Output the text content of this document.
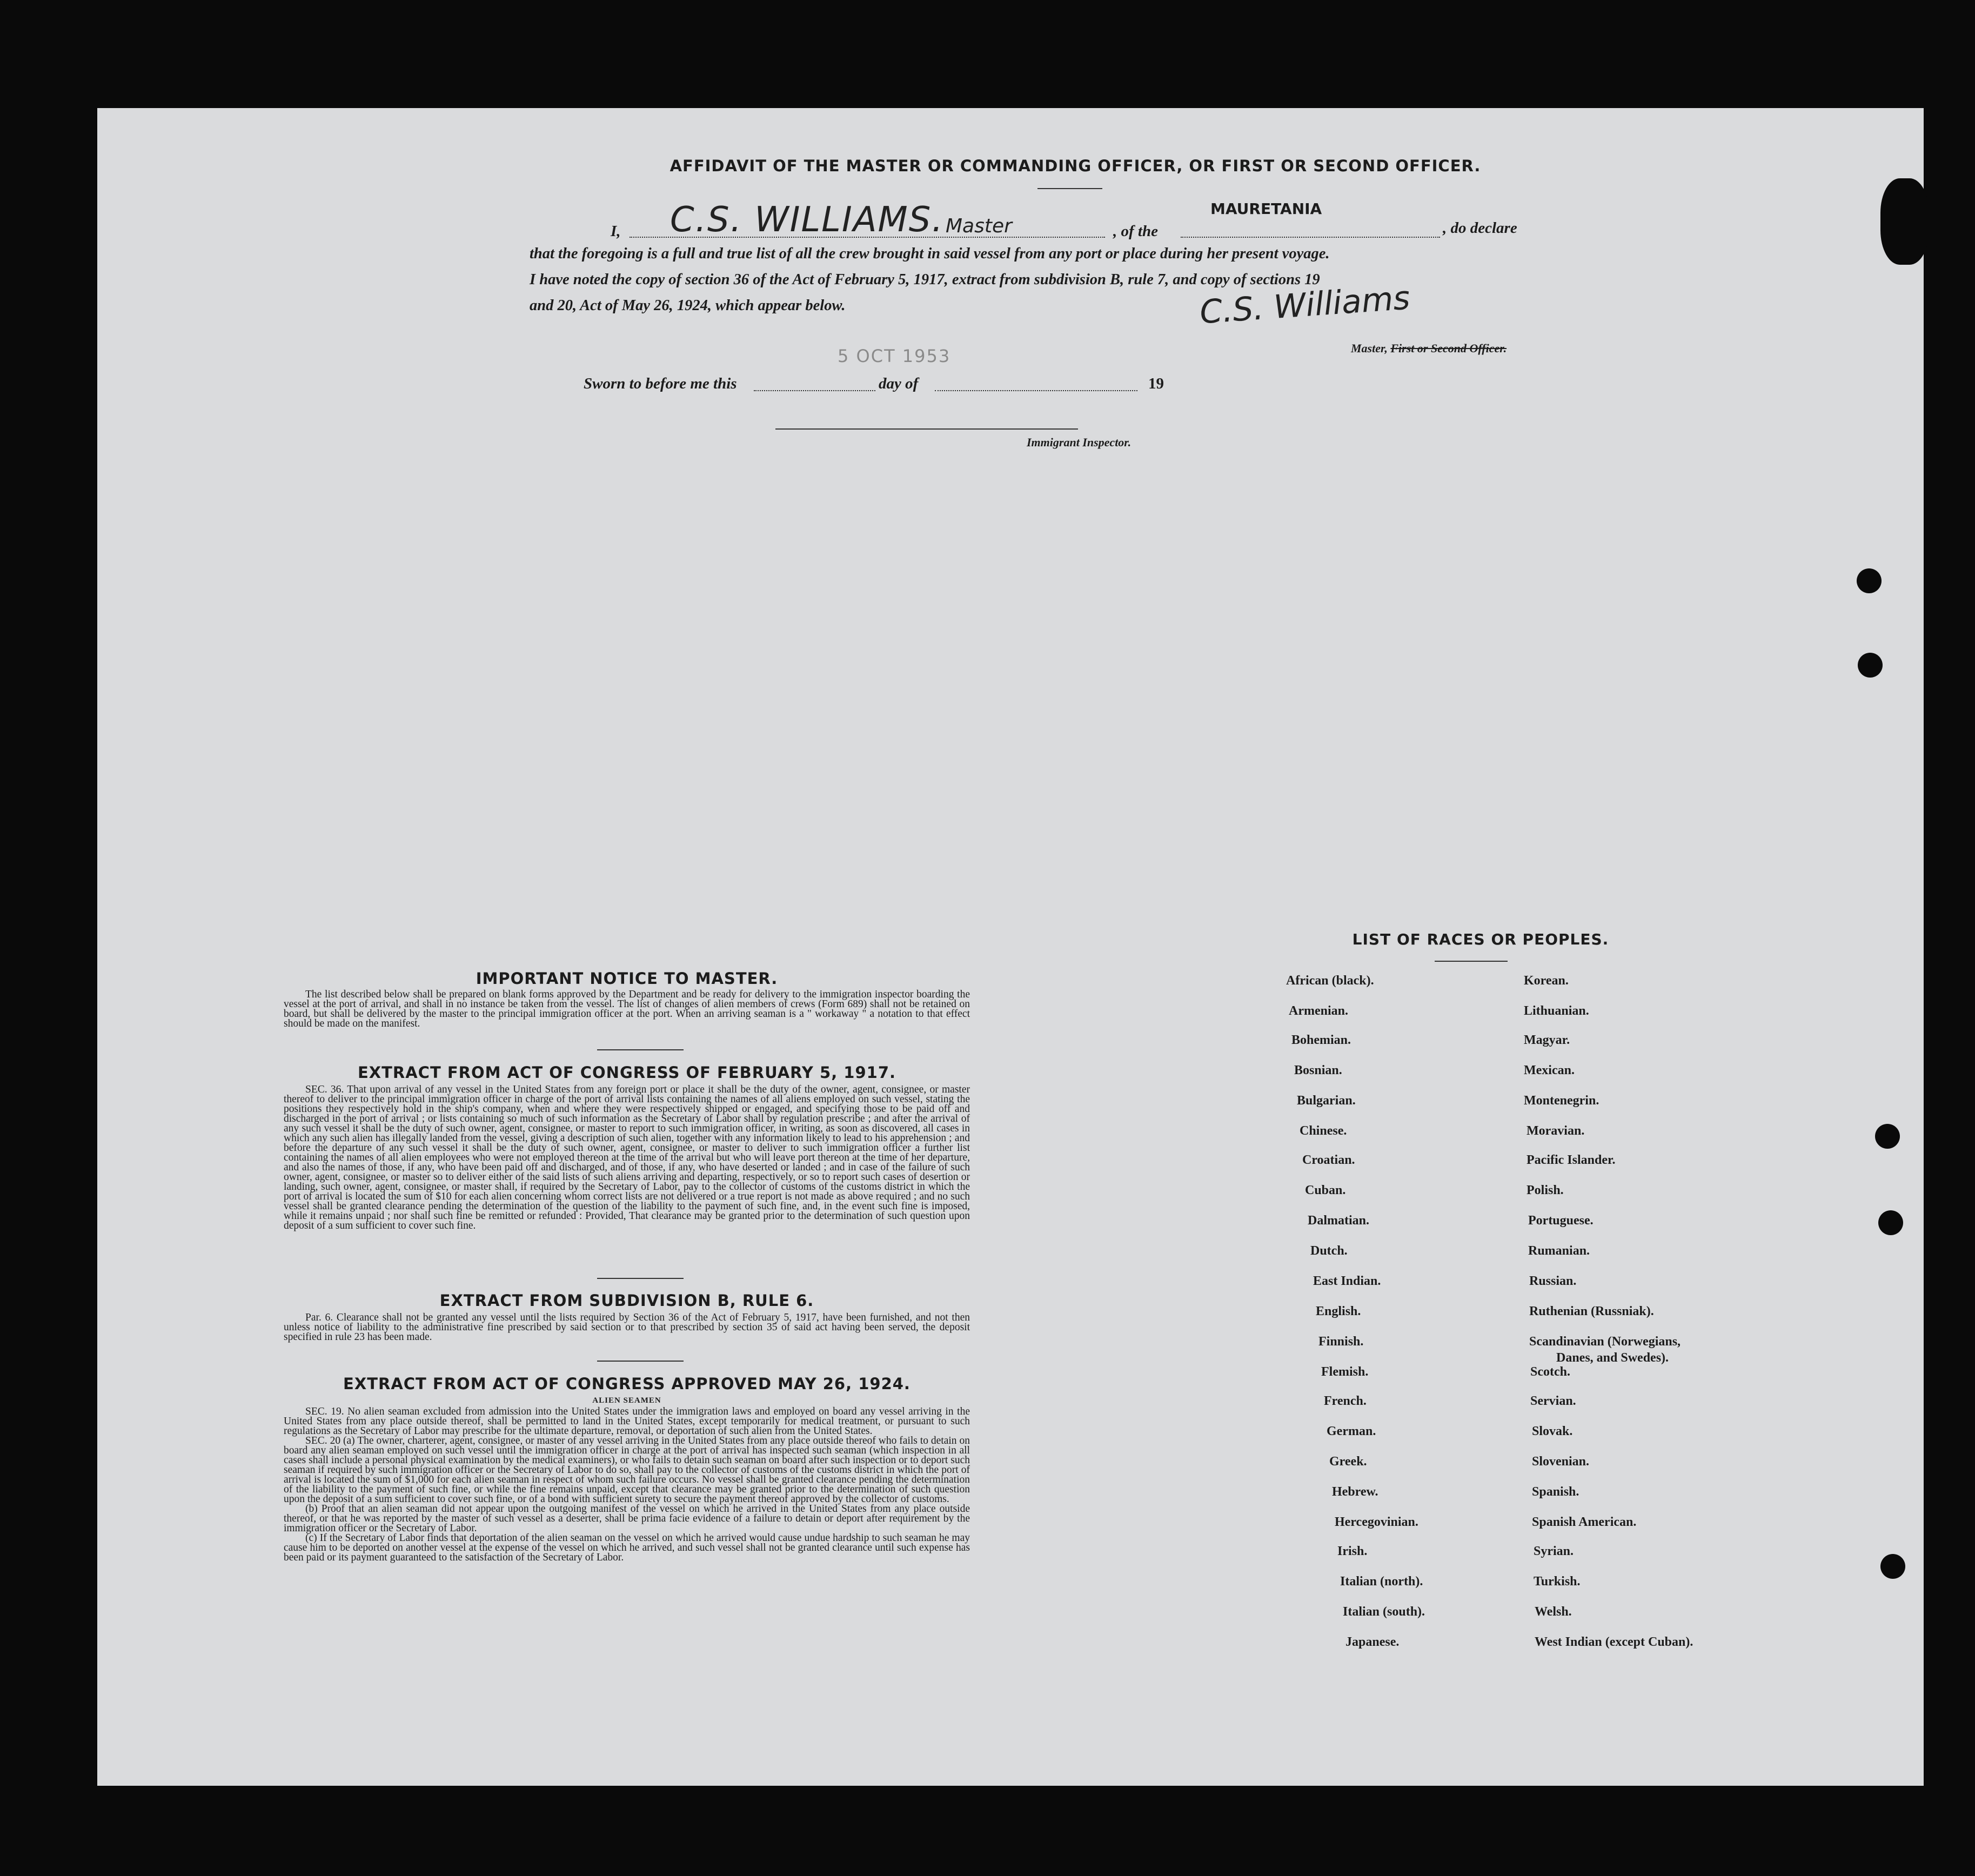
AFFIDAVIT OF THE MASTER OR COMMANDING OFFICER, OR FIRST OR SECOND OFFICER.
I, C.S. WILLIAMS. Master	, of the
MAURETANIA
, do declare
that the foregoing is a full and true list of all the crew brought in said vessel from any port or place during her present voyage.
I have noted the copy of section 36 of the Act of February 5, 1917, extract from subdivision B, rule 7, and copy of sections 19
and 20, Act of May 26, 1924, which appear below.	C.S. Williams
5 OCT 1953	Master, First or Second Officer.
Sworn to before me this	day of	19
Immigrant Inspector.
IMPORTANT NOTICE TO MASTER.
The list described below shall be prepared on blank forms approved by the Department and be ready for delivery to the immigration inspector boarding the vessel at the port of arrival, and shall in no instance be taken from the vessel. The list of changes of alien members of crews (Form 689) shall not be retained on board, but shall be delivered by the master to the principal immigration officer at the port. When an arriving seaman is a " workaway " a notation to that effect should be made on the manifest.
EXTRACT FROM ACT OF CONGRESS OF FEBRUARY 5, 1917.
SEC. 36. That upon arrival of any vessel in the United States from any foreign port or place it shall be the duty of the owner, agent, consignee, or master thereof to deliver to the principal immigration officer in charge of the port of arrival lists containing the names of all aliens employed on such vessel, stating the positions they respectively hold in the ship's company, when and where they were respectively shipped or engaged, and specifying those to be paid off and discharged in the port of arrival ; or lists containing so much of such information as the Secretary of Labor shall by regulation prescribe ; and after the arrival of any such vessel it shall be the duty of such owner, agent, consignee, or master to report to such immigration officer, in writing, as soon as discovered, all cases in which any such alien has illegally landed from the vessel, giving a description of such alien, together with any information likely to lead to his apprehension ; and before the departure of any such vessel it shall be the duty of such owner, agent, consignee, or master to deliver to such immigration officer a further list containing the names of all alien employees who were not employed thereon at the time of the arrival but who will leave port thereon at the time of her departure, and also the names of those, if any, who have been paid off and discharged, and of those, if any, who have deserted or landed ; and in case of the failure of such owner, agent, consignee, or master so to deliver either of the said lists of such aliens arriving and departing, respectively, or so to report such cases of desertion or landing, such owner, agent, consignee, or master shall, if required by the Secretary of Labor, pay to the collector of customs of the customs district in which the port of arrival is located the sum of $10 for each alien concerning whom correct lists are not delivered or a true report is not made as above required ; and no such vessel shall be granted clearance pending the determination of the question of the liability to the payment of such fine, and, in the event such fine is imposed, while it remains unpaid ; nor shall such fine be remitted or refunded : Provided, That clearance may be granted prior to the determination of such question upon deposit of a sum sufficient to cover such fine.
EXTRACT FROM SUBDIVISION B, RULE 6.
Par. 6. Clearance shall not be granted any vessel until the lists required by Section 36 of the Act of February 5, 1917, have been furnished, and not then unless notice of liability to the administrative fine prescribed by said section or to that prescribed by section 35 of said act having been served, the deposit specified in rule 23 has been made.
EXTRACT FROM ACT OF CONGRESS APPROVED MAY 26, 1924.
ALIEN SEAMEN
SEC. 19. No alien seaman excluded from admission into the United States under the immigration laws and employed on board any vessel arriving in the United States from any place outside thereof, shall be permitted to land in the United States, except temporarily for medical treatment, or pursuant to such regulations as the Secretary of Labor may prescribe for the ultimate departure, removal, or deportation of such alien from the United States.
SEC. 20 (a) The owner, charterer, agent, consignee, or master of any vessel arriving in the United States from any place outside thereof who fails to detain on board any alien seaman employed on such vessel until the immigration officer in charge at the port of arrival has inspected such seaman (which inspection in all cases shall include a personal physical examination by the medical examiners), or who fails to detain such seaman on board after such inspection or to deport such seaman if required by such immigration officer or the Secretary of Labor to do so, shall pay to the collector of customs of the customs district in which the port of arrival is located the sum of $1,000 for each alien seaman in respect of whom such failure occurs. No vessel shall be granted clearance pending the determination of the liability to the payment of such fine, or while the fine remains unpaid, except that clearance may be granted prior to the determination of such question upon the deposit of a sum sufficient to cover such fine, or of a bond with sufficient surety to secure the payment thereof approved by the collector of customs.
(b) Proof that an alien seaman did not appear upon the outgoing manifest of the vessel on which he arrived in the United States from any place outside thereof, or that he was reported by the master of such vessel as a deserter, shall be prima facie evidence of a failure to detain or deport after requirement by the immigration officer or the Secretary of Labor.
(c) If the Secretary of Labor finds that deportation of the alien seaman on the vessel on which he arrived would cause undue hardship to such seaman he may cause him to be deported on another vessel at the expense of the vessel on which he arrived, and such vessel shall not be granted clearance until such expense has been paid or its payment guaranteed to the satisfaction of the Secretary of Labor.
LIST OF RACES OR PEOPLES.
Danes, and Swedes).
African (black).
Armenian.
Bohemian.
Bosnian.
Bulgarian.
Chinese.
Croatian.
Cuban.
Dalmatian.
Dutch.
East Indian.
English.
Finnish.
Flemish.
French.
German.
Greek.
Hebrew.
Hercegovinian.
Irish.
Italian (north).
Italian (south).
Japanese.
Korean.
Lithuanian.
Magyar.
Mexican.
Montenegrin.
Moravian.
Pacific Islander.
Polish.
Portuguese.
Rumanian.
Russian.
Ruthenian (Russniak).
Scandinavian (Norwegians,
Scotch.
Servian.
Slovak.
Slovenian.
Spanish.
Spanish American.
Syrian.
Turkish.
Welsh.
West Indian (except Cuban).
